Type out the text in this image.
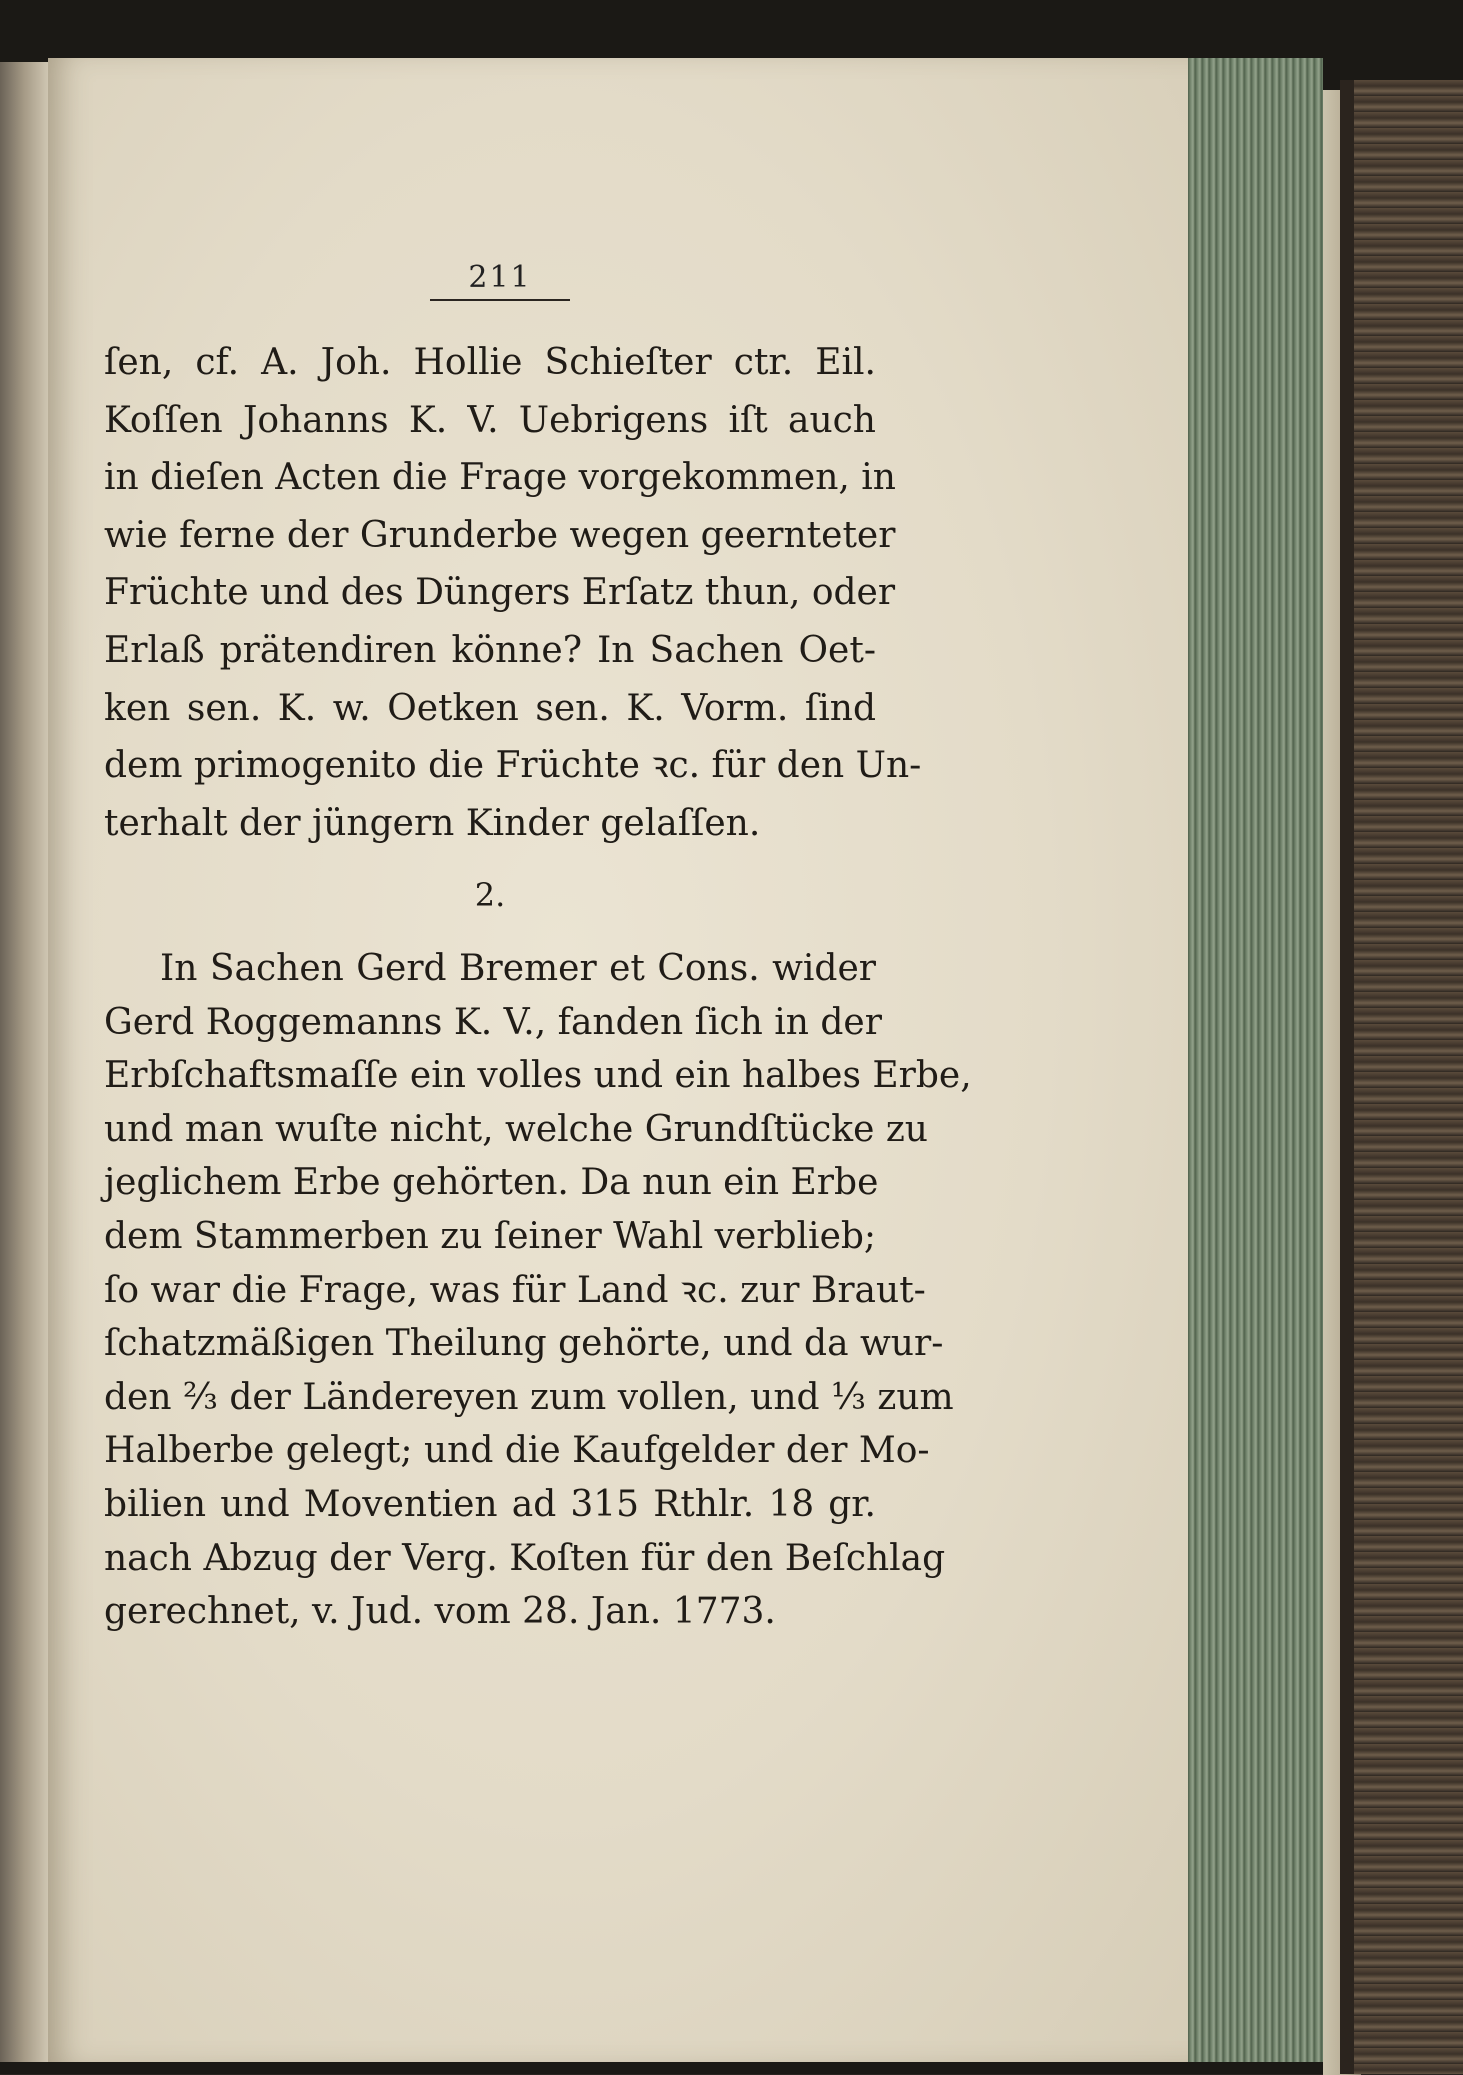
211
ſen, cf. A. Joh. Hollie Schieſter ctr. Eil.
Koſſen Johanns K. V. Uebrigens iſt auch
in dieſen Acten die Frage vorgekommen, in
wie ferne der Grunderbe wegen geernteter
Früchte und des Düngers Erſatz thun, oder
Erlaß prätendiren könne? In Sachen Oet-
ken sen. K. w. Oetken sen. K. Vorm. ſind
dem primogenito die Früchte ꝛc. für den Un-
terhalt der jüngern Kinder gelaſſen.
2.
In Sachen Gerd Bremer et Cons. wider
Gerd Roggemanns K. V., fanden ſich in der
Erbſchaftsmaſſe ein volles und ein halbes Erbe,
und man wuſte nicht, welche Grundſtücke zu
jeglichem Erbe gehörten. Da nun ein Erbe
dem Stammerben zu ſeiner Wahl verblieb;
ſo war die Frage, was für Land ꝛc. zur Braut-
ſchatzmäßigen Theilung gehörte, und da wur-
den ⅔ der Ländereyen zum vollen, und ⅓ zum
Halberbe gelegt; und die Kaufgelder der Mo-
bilien und Moventien ad 315 Rthlr. 18 gr.
nach Abzug der Verg. Koſten für den Beſchlag
gerechnet, v. Jud. vom 28. Jan. 1773.
